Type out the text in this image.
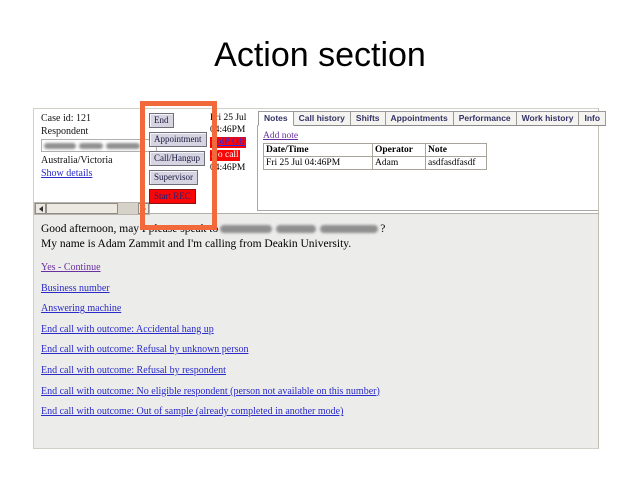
Action section
Case id: 121
Respondent
Australia/Victoria
Show details
End
Appointment
Call/Hangup
Supervisor
Start REC
Fri 25 Jul
04:46PM
VoIP Off No call
04:46PM
Notes	Call history	Shifts	Appointments	Performance	Work history	Info
Add note
Date/Time	Operator	Note
Fri 25 Jul 04:46PM	Adam	asdfasdfasdf

Good afternoon, may I please speak to	?

My name is Adam Zammit and I'm calling from Deakin University.

Yes - Continue
Business number
Answering machine
End call with outcome: Accidental hang up
End call with outcome: Refusal by unknown person
End call with outcome: Refusal by respondent
End call with outcome: No eligible respondent (person not available on this number)
End call with outcome: Out of sample (already completed in another mode)
